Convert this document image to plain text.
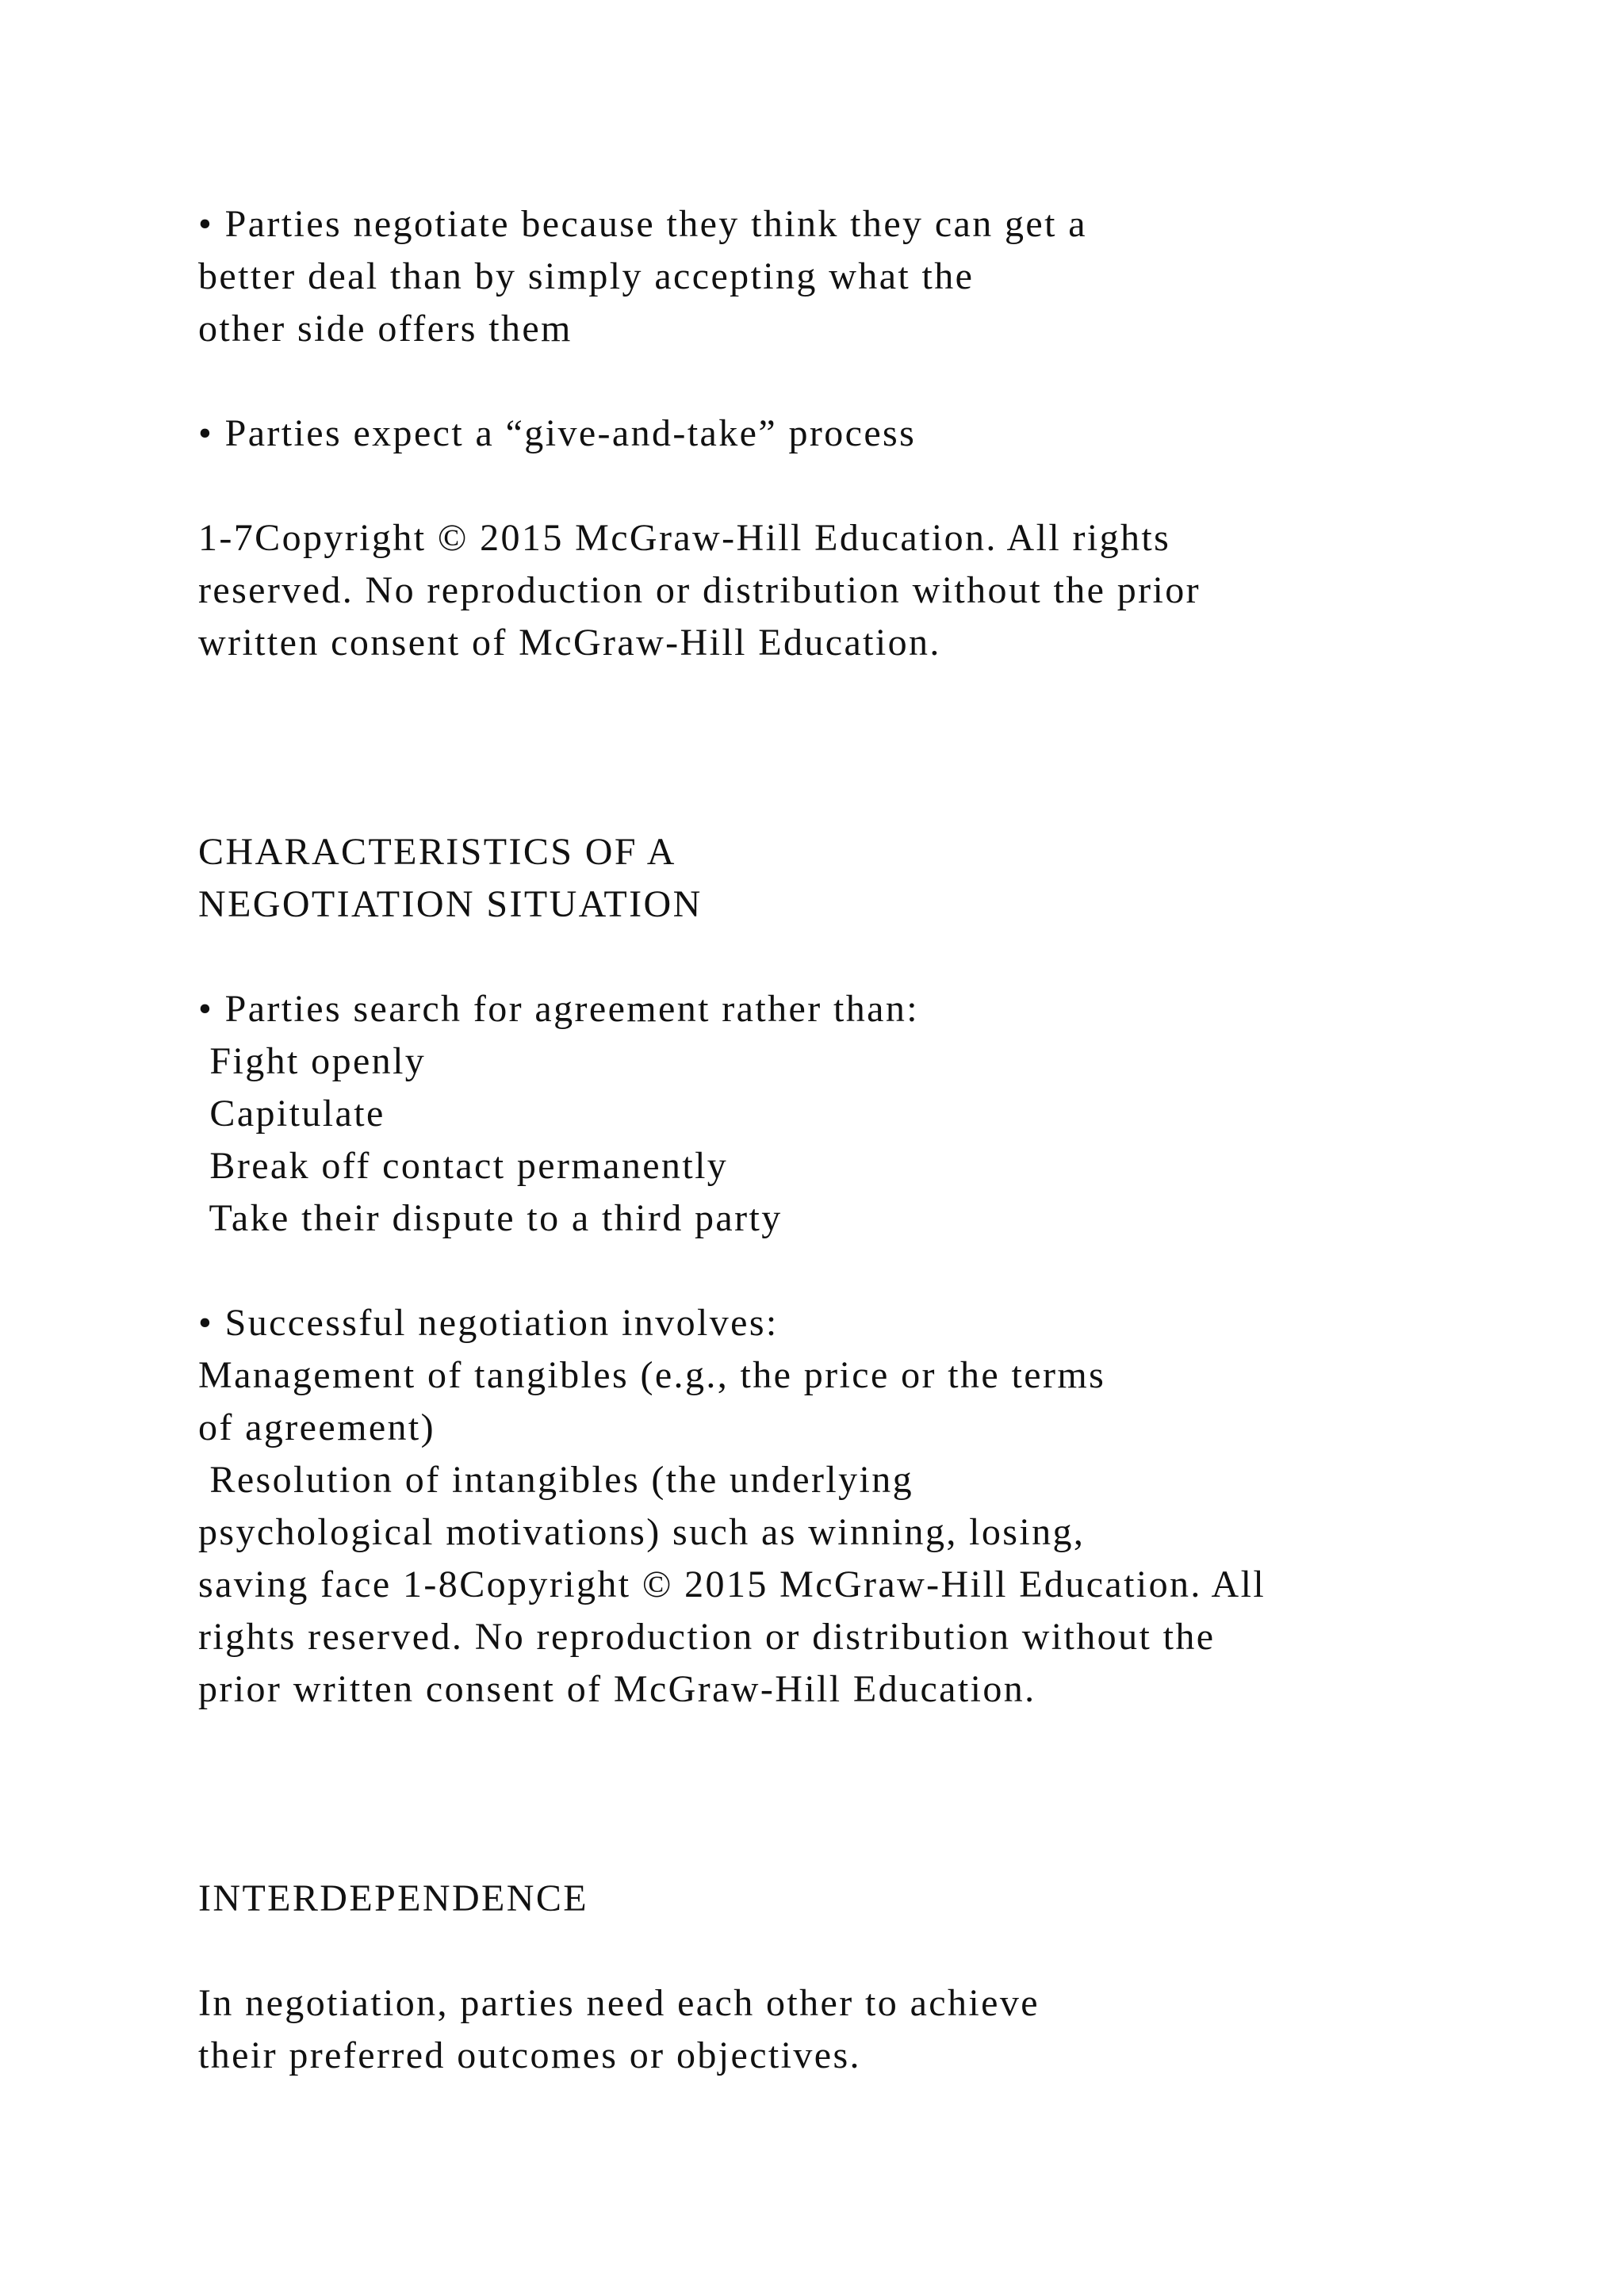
• Parties negotiate because they think they can get a

better deal than by simply accepting what the

other side offers them

• Parties expect a “give-and-take” process

1-7Copyright © 2015 McGraw-Hill Education. All rights

reserved. No reproduction or distribution without the prior

written consent of McGraw-Hill Education.

CHARACTERISTICS OF A

NEGOTIATION SITUATION

• Parties search for agreement rather than:

Fight openly

Capitulate

Break off contact permanently

Take their dispute to a third party

• Successful negotiation involves:

Management of tangibles (e.g., the price or the terms

of agreement)

Resolution of intangibles (the underlying

psychological motivations) such as winning, losing,

saving face 1-8Copyright © 2015 McGraw-Hill Education. All

rights reserved. No reproduction or distribution without the

prior written consent of McGraw-Hill Education.

INTERDEPENDENCE

In negotiation, parties need each other to achieve

their preferred outcomes or objectives.
